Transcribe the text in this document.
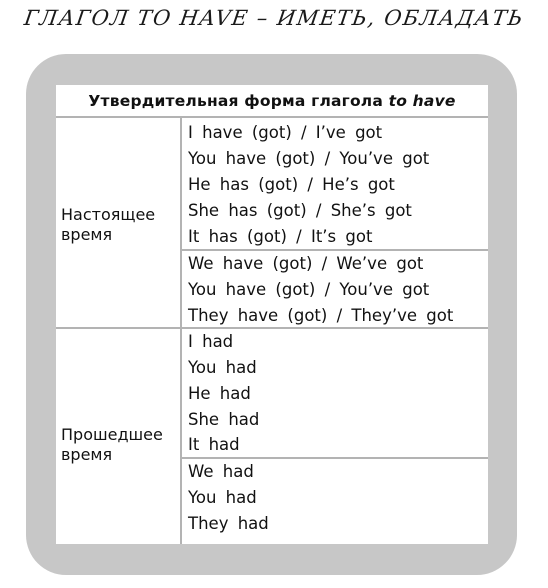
ГЛАГОЛ TO HAVE – ИМЕТЬ, ОБЛАДАТЬ
Утвердительная форма глагола to have
Настоящее время
I have (got) / I’ve got
You have (got) / You’ve got
He has (got) / He’s got
She has (got) / She’s got
It has (got) / It’s got
We have (got) / We’ve got
You have (got) / You’ve got
They have (got) / They’ve got
Прошедшее время
I had
You had
He had
She had
It had
We had
You had
They had
